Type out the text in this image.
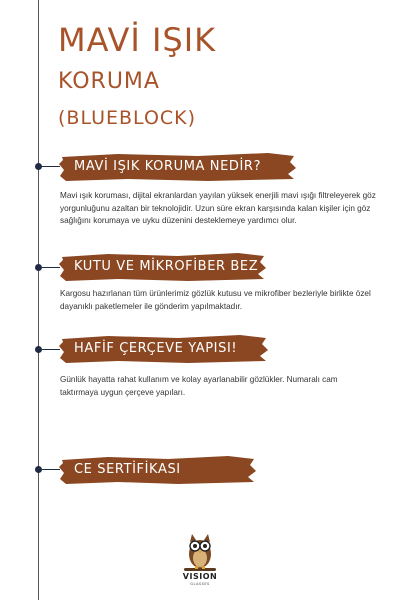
MAVİ IŞIK
KORUMA
(BLUEBLOCK)
MAVİ IŞIK KORUMA NEDİR?
Mavi ışık koruması, dijital ekranlardan yayılan yüksek enerjili mavi ışığı filtreleyerek göz yorgunluğunu azaltan bir teknolojidir. Uzun süre ekran karşısında kalan kişiler için göz sağlığını korumaya ve uyku düzenini desteklemeye yardımcı olur.
KUTU VE MİKROFİBER BEZ
Kargosu hazırlanan tüm ürünlerimiz gözlük kutusu ve mikrofiber bezleriyle birlikte özel dayanıklı paketlemeler ile gönderim yapılmaktadır.
HAFİF ÇERÇEVE YAPISI!
Günlük hayatta rahat kullanım ve kolay ayarlanabilir gözlükler. Numaralı cam taktırmaya uygun çerçeve yapıları.
CE SERTİFİKASI
VISION
GLASSES
